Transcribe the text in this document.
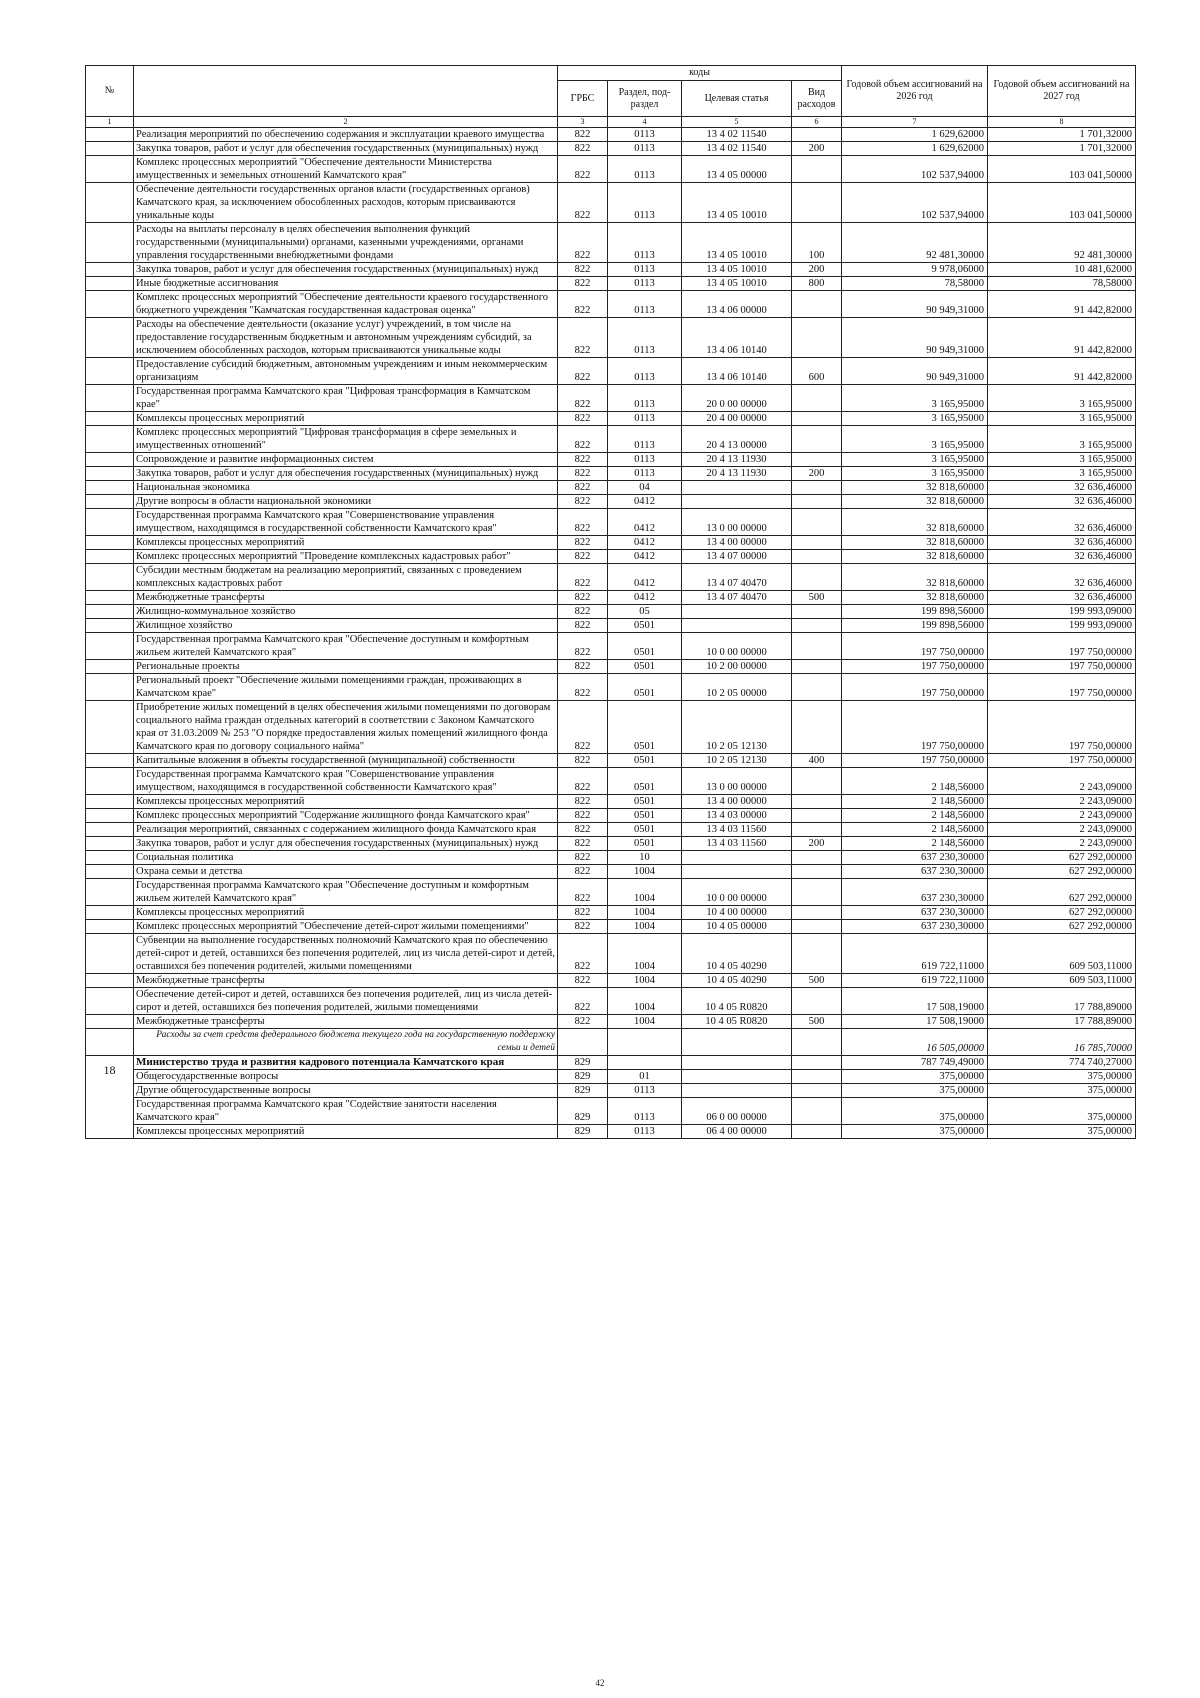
№		коды				Годовой объем ассигнований на 2026 год	Годовой объем ассигнований на 2027 год
		ГРБС	Раздел, под-раздел	Целевая статья	Вид расходов		
1	2	3	4	5	6	7	8
	Реализация мероприятий по обеспечению содержания и эксплуатации краевого имущества	822	0113	13 4 02 11540		1 629,62000	1 701,32000
	Закупка товаров, работ и услуг для обеспечения государственных (муниципальных) нужд	822	0113	13 4 02 11540	200	1 629,62000	1 701,32000
	Комплекс процессных мероприятий "Обеспечение деятельности Министерства имущественных и земельных отношений Камчатского края"	822	0113	13 4 05 00000		102 537,94000	103 041,50000
	Обеспечение деятельности государственных органов власти (государственных органов) Камчатского края, за исключением обособленных расходов, которым присваиваются уникальные коды	822	0113	13 4 05 10010		102 537,94000	103 041,50000
	Расходы на выплаты персоналу в целях обеспечения выполнения функций государственными (муниципальными) органами, казенными учреждениями, органами управления государственными внебюджетными фондами	822	0113	13 4 05 10010	100	92 481,30000	92 481,30000
	Закупка товаров, работ и услуг для обеспечения государственных (муниципальных) нужд	822	0113	13 4 05 10010	200	9 978,06000	10 481,62000
	Иные бюджетные ассигнования	822	0113	13 4 05 10010	800	78,58000	78,58000
	Комплекс процессных мероприятий "Обеспечение деятельности краевого государственного бюджетного учреждения "Камчатская государственная кадастровая оценка"	822	0113	13 4 06 00000		90 949,31000	91 442,82000
	Расходы на обеспечение деятельности (оказание услуг) учреждений, в том числе на предоставление государственным бюджетным и автономным учреждениям субсидий, за исключением обособленных расходов, которым присваиваются уникальные коды	822	0113	13 4 06 10140		90 949,31000	91 442,82000
	Предоставление субсидий бюджетным, автономным учреждениям и иным некоммерческим организациям	822	0113	13 4 06 10140	600	90 949,31000	91 442,82000
	Государственная программа Камчатского края "Цифровая трансформация в Камчатском крае"	822	0113	20 0 00 00000		3 165,95000	3 165,95000
	Комплексы процессных мероприятий	822	0113	20 4 00 00000		3 165,95000	3 165,95000
	Комплекс процессных мероприятий "Цифровая трансформация в сфере земельных и имущественных отношений"	822	0113	20 4 13 00000		3 165,95000	3 165,95000
	Сопровождение и развитие информационных систем	822	0113	20 4 13 11930		3 165,95000	3 165,95000
	Закупка товаров, работ и услуг для обеспечения государственных (муниципальных) нужд	822	0113	20 4 13 11930	200	3 165,95000	3 165,95000
	Национальная экономика	822	04			32 818,60000	32 636,46000
	Другие вопросы в области национальной экономики	822	0412			32 818,60000	32 636,46000
	Государственная программа Камчатского края "Совершенствование управления имуществом, находящимся в государственной собственности Камчатского края"	822	0412	13 0 00 00000		32 818,60000	32 636,46000
	Комплексы процессных мероприятий	822	0412	13 4 00 00000		32 818,60000	32 636,46000
	Комплекс процессных мероприятий "Проведение комплексных кадастровых работ"	822	0412	13 4 07 00000		32 818,60000	32 636,46000
	Субсидии местным бюджетам на реализацию мероприятий, связанных с проведением комплексных кадастровых работ	822	0412	13 4 07 40470		32 818,60000	32 636,46000
	Межбюджетные трансферты	822	0412	13 4 07 40470	500	32 818,60000	32 636,46000
	Жилищно-коммунальное хозяйство	822	05			199 898,56000	199 993,09000
	Жилищное хозяйство	822	0501			199 898,56000	199 993,09000
	Государственная программа Камчатского края "Обеспечение доступным и комфортным жильем жителей Камчатского края"	822	0501	10 0 00 00000		197 750,00000	197 750,00000
	Региональные проекты	822	0501	10 2 00 00000		197 750,00000	197 750,00000
	Региональный проект "Обеспечение жилыми помещениями граждан, проживающих в Камчатском крае"	822	0501	10 2 05 00000		197 750,00000	197 750,00000
	Приобретение жилых помещений в целях обеспечения жилыми помещениями по договорам социального найма граждан отдельных категорий в соответствии с Законом Камчатского края от 31.03.2009 № 253 "О порядке предоставления жилых помещений жилищного фонда Камчатского края по договору социального найма"	822	0501	10 2 05 12130		197 750,00000	197 750,00000
	Капитальные вложения в объекты государственной (муниципальной) собственности	822	0501	10 2 05 12130	400	197 750,00000	197 750,00000
	Государственная программа Камчатского края "Совершенствование управления имуществом, находящимся в государственной собственности Камчатского края"	822	0501	13 0 00 00000		2 148,56000	2 243,09000
	Комплексы процессных мероприятий	822	0501	13 4 00 00000		2 148,56000	2 243,09000
	Комплекс процессных мероприятий "Содержание жилищного фонда Камчатского края"	822	0501	13 4 03 00000		2 148,56000	2 243,09000
	Реализация мероприятий, связанных с содержанием жилищного фонда Камчатского края	822	0501	13 4 03 11560		2 148,56000	2 243,09000
	Закупка товаров, работ и услуг для обеспечения государственных (муниципальных) нужд	822	0501	13 4 03 11560	200	2 148,56000	2 243,09000
	Социальная политика	822	10			637 230,30000	627 292,00000
	Охрана семьи и детства	822	1004			637 230,30000	627 292,00000
	Государственная программа Камчатского края "Обеспечение доступным и комфортным жильем жителей Камчатского края"	822	1004	10 0 00 00000		637 230,30000	627 292,00000
	Комплексы процессных мероприятий	822	1004	10 4 00 00000		637 230,30000	627 292,00000
	Комплекс процессных мероприятий "Обеспечение детей-сирот жилыми помещениями"	822	1004	10 4 05 00000		637 230,30000	627 292,00000
	Субвенции на выполнение государственных полномочий Камчатского края по обеспечению детей-сирот и детей, оставшихся без попечения родителей, лиц из числа детей-сирот и детей, оставшихся без попечения родителей, жилыми помещениями	822	1004	10 4 05 40290		619 722,11000	609 503,11000
	Межбюджетные трансферты	822	1004	10 4 05 40290	500	619 722,11000	609 503,11000
	Обеспечение детей-сирот и детей, оставшихся без попечения родителей, лиц из числа детей-сирот и детей, оставшихся без попечения родителей, жилыми помещениями	822	1004	10 4 05 R0820		17 508,19000	17 788,89000
	Межбюджетные трансферты	822	1004	10 4 05 R0820	500	17 508,19000	17 788,89000
	Расходы за счет средств федерального бюджета текущего года на государственную поддержку семьи и детей					16 505,00000	16 785,70000
18	Министерство труда и развития кадрового потенциала Камчатского края	829				787 749,49000	774 740,27000
	Общегосударственные вопросы	829	01			375,00000	375,00000
	Другие общегосударственные вопросы	829	0113			375,00000	375,00000
	Государственная программа Камчатского края "Содействие занятости населения Камчатского края"	829	0113	06 0 00 00000		375,00000	375,00000
	Комплексы процессных мероприятий	829	0113	06 4 00 00000		375,00000	375,00000
42
